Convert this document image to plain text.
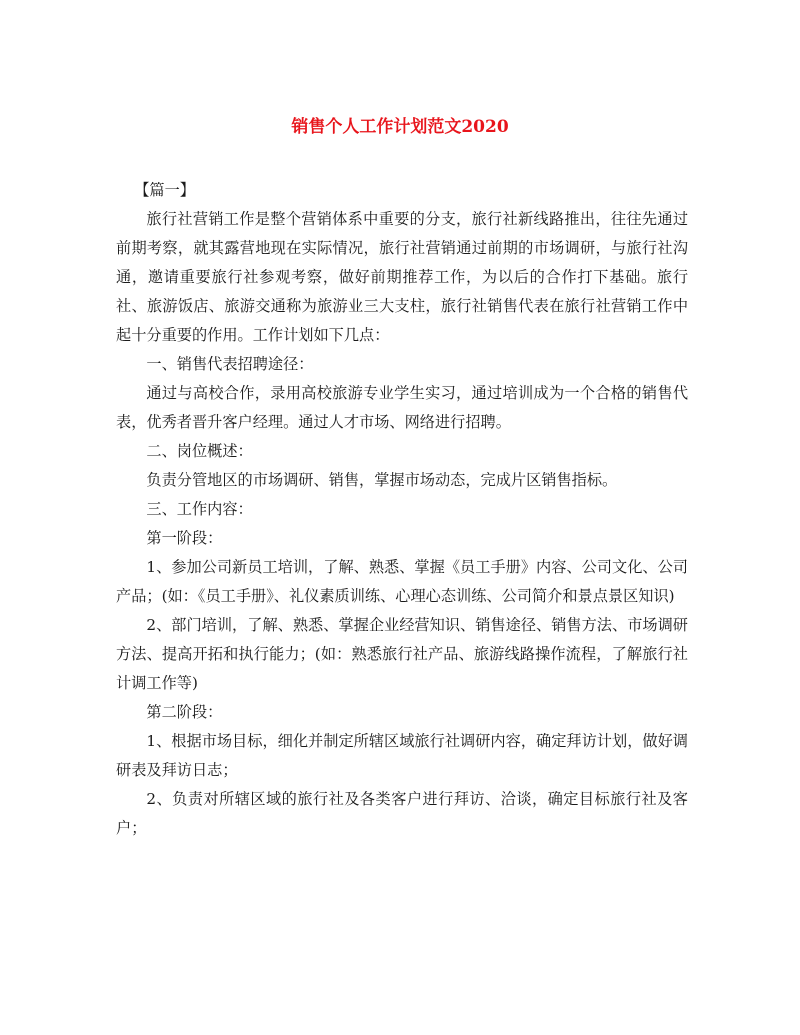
销售个人工作计划范文2020

【篇一】

旅行社营销工作是整个营销体系中重要的分支，旅行社新线路推出，往往先通过前期考察，就其露营地现在实际情况，旅行社营销通过前期的市场调研，与旅行社沟通，邀请重要旅行社参观考察，做好前期推荐工作，为以后的合作打下基础。旅行社、旅游饭店、旅游交通称为旅游业三大支柱，旅行社销售代表在旅行社营销工作中起十分重要的作用。工作计划如下几点：

一、销售代表招聘途径：

通过与高校合作，录用高校旅游专业学生实习，通过培训成为一个合格的销售代表，优秀者晋升客户经理。通过人才市场、网络进行招聘。

二、岗位概述：

负责分管地区的市场调研、销售，掌握市场动态，完成片区销售指标。

三、工作内容：

第一阶段：

1、参加公司新员工培训，了解、熟悉、掌握《员工手册》内容、公司文化、公司产品；(如：《员工手册》、礼仪素质训练、心理心态训练、公司简介和景点景区知识)

2、部门培训，了解、熟悉、掌握企业经营知识、销售途径、销售方法、市场调研方法、提高开拓和执行能力；(如：熟悉旅行社产品、旅游线路操作流程，了解旅行社计调工作等)

第二阶段：

1、根据市场目标，细化并制定所辖区域旅行社调研内容，确定拜访计划，做好调研表及拜访日志；

2、负责对所辖区域的旅行社及各类客户进行拜访、洽谈，确定目标旅行社及客户；
